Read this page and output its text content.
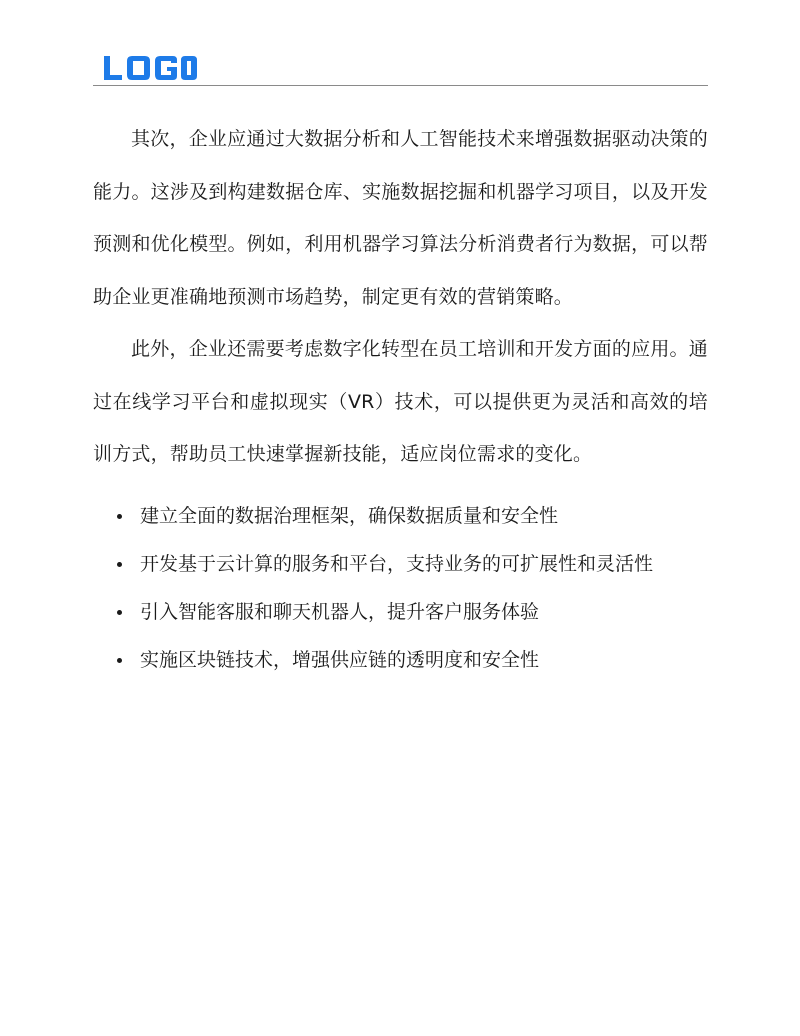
其次，企业应通过大数据分析和人工智能技术来增强数据驱动决策的能力。这涉及到构建数据仓库、实施数据挖掘和机器学习项目，以及开发预测和优化模型。例如，利用机器学习算法分析消费者行为数据，可以帮助企业更准确地预测市场趋势，制定更有效的营销策略。

此外，企业还需要考虑数字化转型在员工培训和开发方面的应用。通过在线学习平台和虚拟现实（VR）技术，可以提供更为灵活和高效的培训方式，帮助员工快速掌握新技能，适应岗位需求的变化。

建立全面的数据治理框架，确保数据质量和安全性
开发基于云计算的服务和平台，支持业务的可扩展性和灵活性
引入智能客服和聊天机器人，提升客户服务体验
实施区块链技术，增强供应链的透明度和安全性
